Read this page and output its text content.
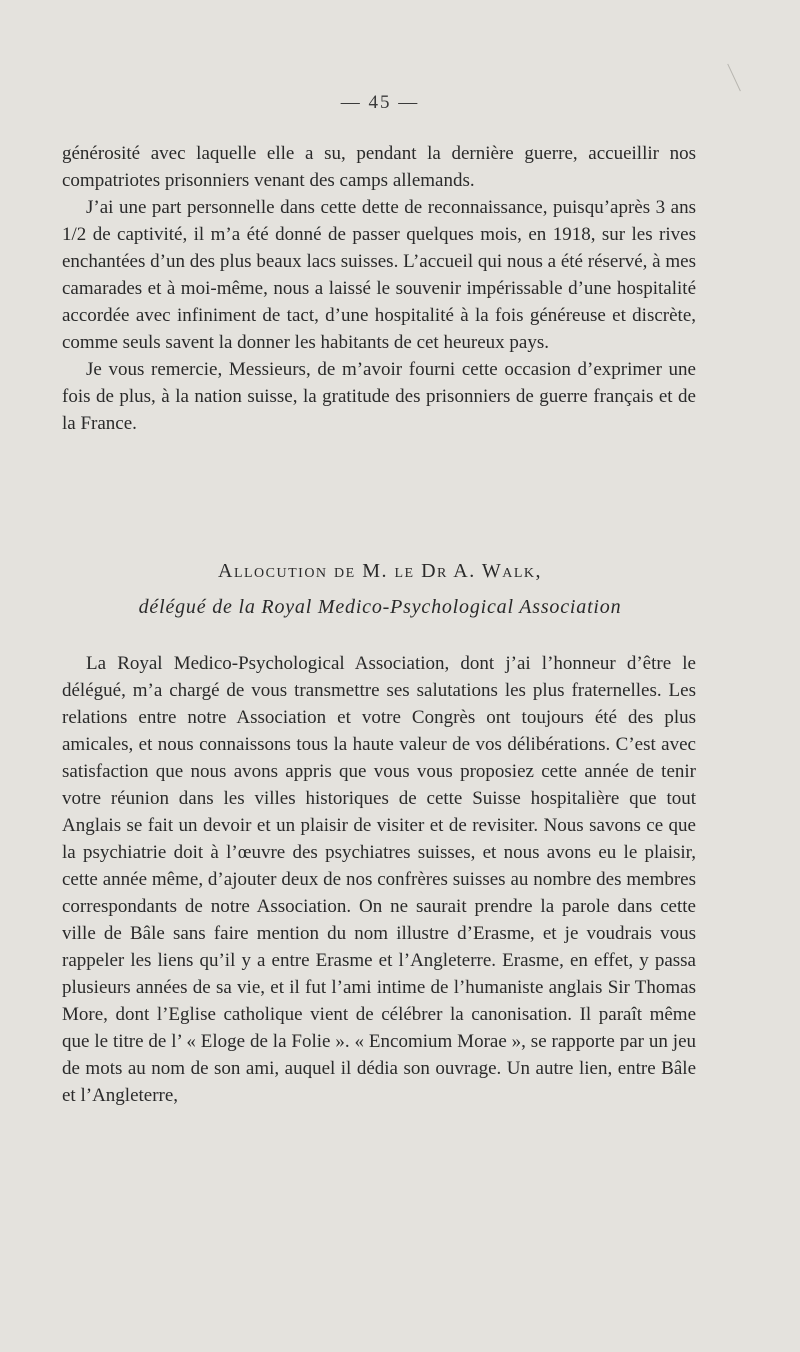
— 45 —

générosité avec laquelle elle a su, pendant la dernière guerre, accueillir nos compatriotes prisonniers venant des camps allemands.

J’ai une part personnelle dans cette dette de reconnaissance, puisqu’après 3 ans 1/2 de captivité, il m’a été donné de passer quelques mois, en 1918, sur les rives enchantées d’un des plus beaux lacs suisses. L’accueil qui nous a été réservé, à mes camarades et à moi-même, nous a laissé le souvenir impérissable d’une hospitalité accordée avec infiniment de tact, d’une hospitalité à la fois généreuse et discrète, comme seuls savent la donner les habitants de cet heureux pays.

Je vous remercie, Messieurs, de m’avoir fourni cette occasion d’exprimer une fois de plus, à la nation suisse, la gratitude des prisonniers de guerre français et de la France.

Allocution de M. le Dr A. Walk,
délégué de la Royal Medico-Psychological Association

La Royal Medico-Psychological Association, dont j’ai l’honneur d’être le délégué, m’a chargé de vous transmettre ses salutations les plus fraternelles. Les relations entre notre Association et votre Congrès ont toujours été des plus amicales, et nous connaissons tous la haute valeur de vos délibérations. C’est avec satisfaction que nous avons appris que vous vous proposiez cette année de tenir votre réunion dans les villes historiques de cette Suisse hospitalière que tout Anglais se fait un devoir et un plaisir de visiter et de revisiter. Nous savons ce que la psychiatrie doit à l’œuvre des psychiatres suisses, et nous avons eu le plaisir, cette année même, d’ajouter deux de nos confrères suisses au nombre des membres correspondants de notre Association. On ne saurait prendre la parole dans cette ville de Bâle sans faire mention du nom illustre d’Erasme, et je voudrais vous rappeler les liens qu’il y a entre Erasme et l’Angleterre. Erasme, en effet, y passa plusieurs années de sa vie, et il fut l’ami intime de l’humaniste anglais Sir Thomas More, dont l’Eglise catholique vient de célébrer la canonisation. Il paraît même que le titre de l’ « Eloge de la Folie ». « Encomium Morae », se rapporte par un jeu de mots au nom de son ami, auquel il dédia son ouvrage. Un autre lien, entre Bâle et l’Angleterre,
